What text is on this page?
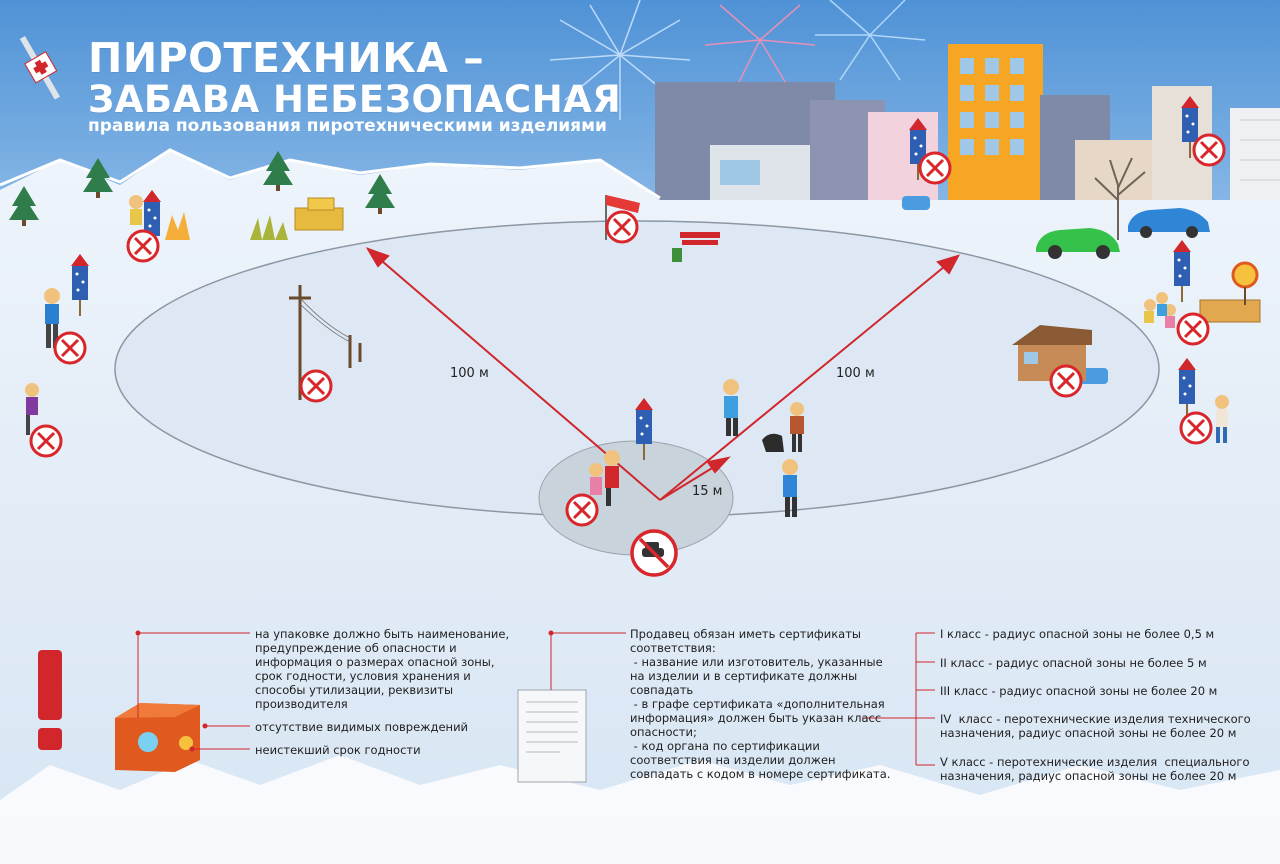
ПИРОТЕХНИКА –
ЗАБАВА НЕБЕЗОПАСНАЯ
правила пользования пиротехническими изделиями
100 м	100 м
15 м

на упаковке должно быть наименование,

предупреждение об опасности и

информация о размерах опасной зоны,

срок годности, условия хранения и

способы утилизации, реквизиты

производителя

отсутствие видимых повреждений
неистекший срок годности

Продавец обязан иметь сертификаты

соответствия:

- название или изготовитель, указанные

на изделии и в сертификате должны

совпадать

- в графе сертификата «дополнительная

информация» должен быть указан класс

опасности;

- код органа по сертификации

соответствия на изделии должен

совпадать с кодом в номере сертификата.

I класс - радиус опасной зоны не более 0,5 м
II класс - радиус опасной зоны не более 5 м
III класс - радиус опасной зоны не более 20 м

IV  класс - перотехнические изделия технического

назначения, радиус опасной зоны не более 20 м

V класс - перотехнические изделия  специального

назначения, радиус опасной зоны не более 20 м
